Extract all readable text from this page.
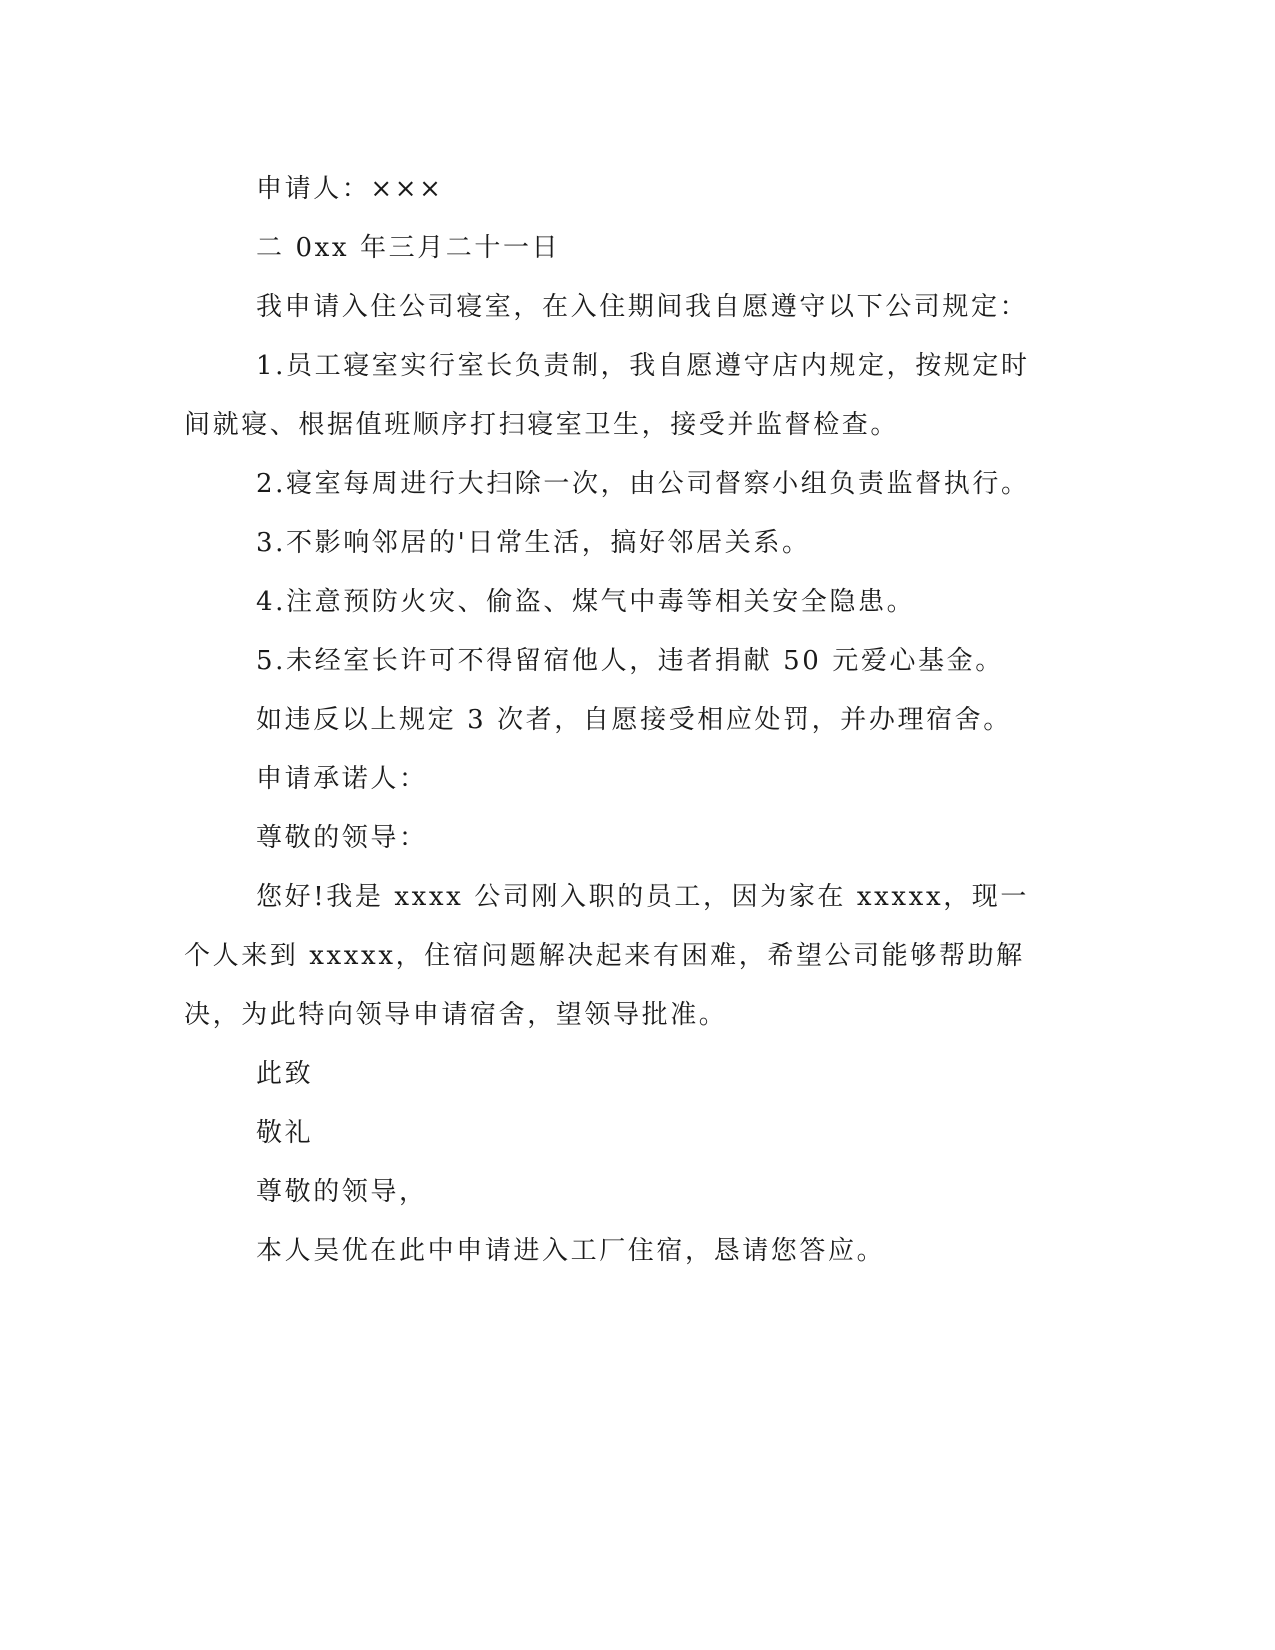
申请人：×××

二 0xx 年三月二十一日

我申请入住公司寝室，在入住期间我自愿遵守以下公司规定：

1.员工寝室实行室长负责制，我自愿遵守店内规定，按规定时间就寝、根据值班顺序打扫寝室卫生，接受并监督检查。

2.寝室每周进行大扫除一次，由公司督察小组负责监督执行。

3.不影响邻居的'日常生活，搞好邻居关系。

4.注意预防火灾、偷盗、煤气中毒等相关安全隐患。

5.未经室长许可不得留宿他人，违者捐献 50 元爱心基金。

如违反以上规定 3 次者，自愿接受相应处罚，并办理宿舍。

申请承诺人：

尊敬的领导：

您好!我是 xxxx 公司刚入职的员工，因为家在 xxxxx，现一个人来到 xxxxx，住宿问题解决起来有困难，希望公司能够帮助解决，为此特向领导申请宿舍，望领导批准。

此致

敬礼

尊敬的领导，

本人吴优在此中申请进入工厂住宿，恳请您答应。
